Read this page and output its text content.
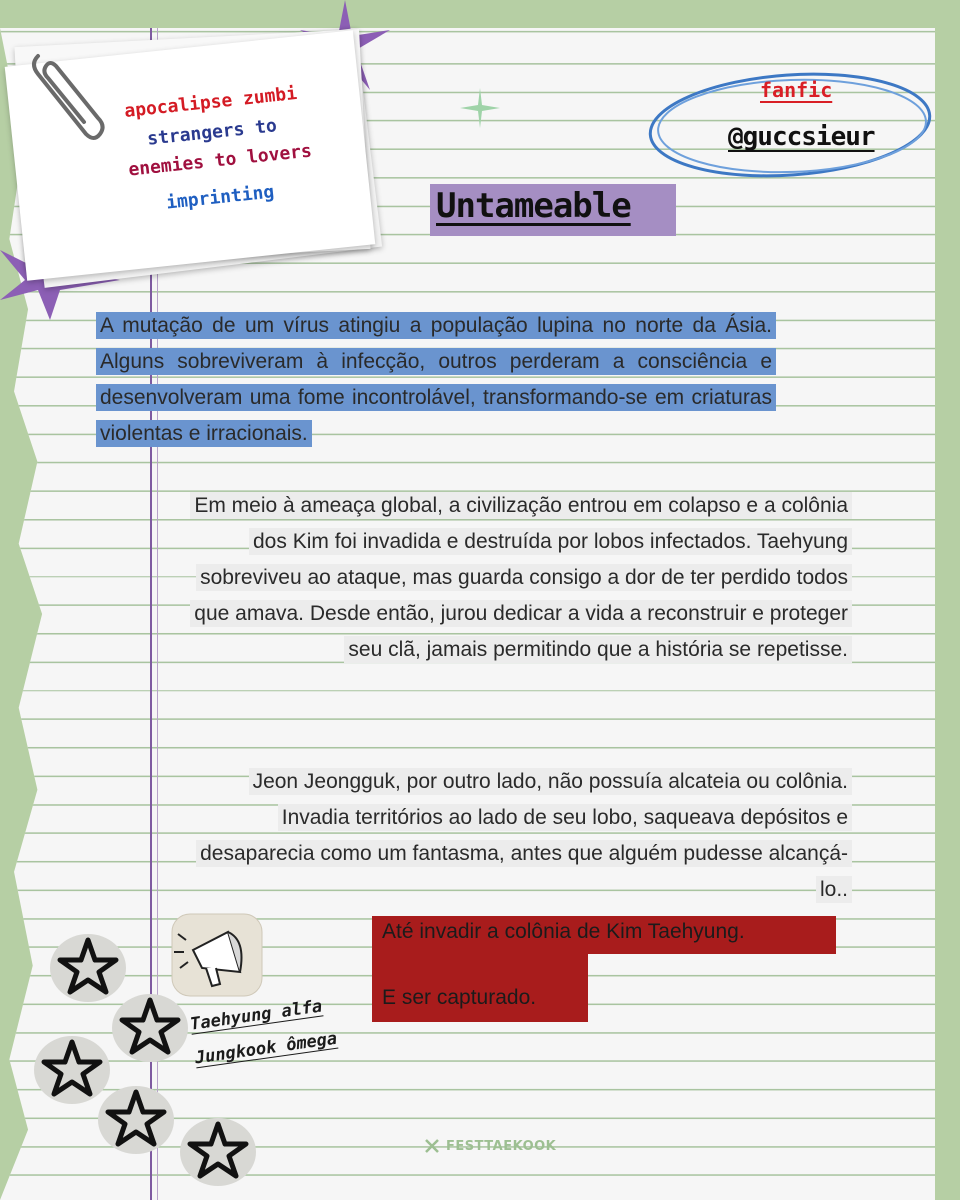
apocalipse zumbi
strangers to
enemies to lovers
imprinting	Untameable
fanfic
@guccsieur
A mutação de um vírus atingiu a população lupina no norte da Ásia. Alguns sobreviveram à infecção, outros perderam a consciência e desenvolveram uma fome incontrolável, transformando-se em criaturas violentas e irracionais.
Em meio à ameaça global, a civilização entrou em colapso e a colônia dos Kim foi invadida e destruída por lobos infectados. Taehyung sobreviveu ao ataque, mas guarda consigo a dor de ter perdido todos que amava. Desde então, jurou dedicar a vida a reconstruir e proteger seu clã, jamais permitindo que a história se repetisse.
Jeon Jeongguk, por outro lado, não possuía alcateia ou colônia. Invadia territórios ao lado de seu lobo, saqueava depósitos e desaparecia como um fantasma, antes que alguém pudesse alcançá-lo..
Até invadir a colônia de Kim Taehyung.
E ser capturado.
Taehyung alfa
Jungkook ômega
FESTTAEKOOK
